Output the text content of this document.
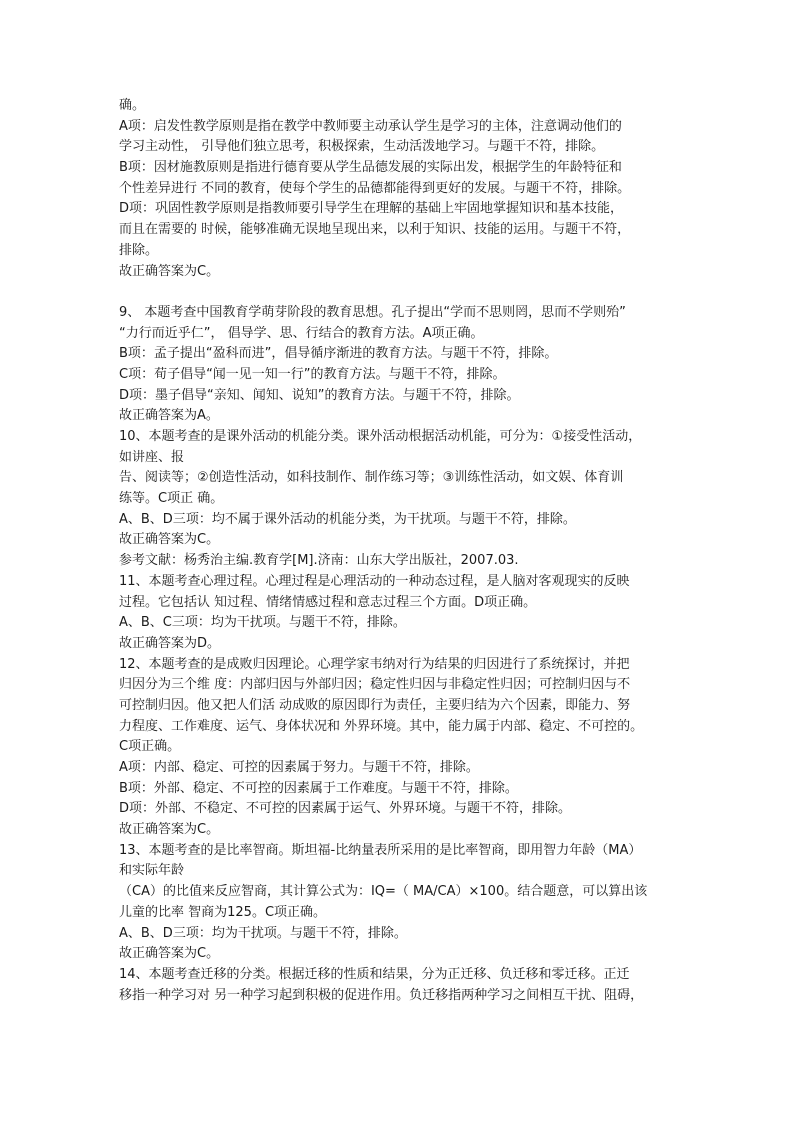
确。
A项：启发性教学原则是指在教学中教师要主动承认学生是学习的主体，注意调动他们的
学习主动性， 引导他们独立思考，积极探索，生动活泼地学习。与题干不符，排除。
B项：因材施教原则是指进行德育要从学生品德发展的实际出发，根据学生的年龄特征和
个性差异进行 不同的教育，使每个学生的品德都能得到更好的发展。与题干不符，排除。
D项：巩固性教学原则是指教师要引导学生在理解的基础上牢固地掌握知识和基本技能，
而且在需要的 时候，能够准确无误地呈现出来，以利于知识、技能的运用。与题干不符，
排除。
故正确答案为C。
9、 本题考查中国教育学萌芽阶段的教育思想。孔子提出“学而不思则罔，思而不学则殆”
“力行而近乎仁”， 倡导学、思、行结合的教育方法。A项正确。
B项：孟子提出“盈科而进”，倡导循序渐进的教育方法。与题干不符，排除。
C项：荀子倡导“闻一见一知一行”的教育方法。与题干不符，排除。
D项：墨子倡导“亲知、闻知、说知”的教育方法。与题干不符，排除。
故正确答案为A。
10、本题考查的是课外活动的机能分类。课外活动根据活动机能，可分为：①接受性活动，
如讲座、报
告、阅读等；②创造性活动，如科技制作、制作练习等；③训练性活动，如文娱、体育训
练等。C项正 确。
A、B、D三项：均不属于课外活动的机能分类，为干扰项。与题干不符，排除。
故正确答案为C。
参考文献：杨秀治主编.教育学[M].济南：山东大学出版社，2007.03.
11、本题考查心理过程。心理过程是心理活动的一种动态过程，是人脑对客观现实的反映
过程。它包括认 知过程、情绪情感过程和意志过程三个方面。D项正确。
A、B、C三项：均为干扰项。与题干不符，排除。
故正确答案为D。
12、本题考查的是成败归因理论。心理学家韦纳对行为结果的归因进行了系统探讨，并把
归因分为三个维 度：内部归因与外部归因；稳定性归因与非稳定性归因；可控制归因与不
可控制归因。他又把人们活 动成败的原因即行为责任，主要归结为六个因素，即能力、努
力程度、工作难度、运气、身体状况和 外界环境。其中，能力属于内部、稳定、不可控的。
C项正确。
A项：内部、稳定、可控的因素属于努力。与题干不符，排除。
B项：外部、稳定、不可控的因素属于工作难度。与题干不符，排除。
D项：外部、不稳定、不可控的因素属于运气、外界环境。与题干不符，排除。
故正确答案为C。
13、本题考查的是比率智商。斯坦福-比纳量表所采用的是比率智商，即用智力年龄（MA）
和实际年龄
（CA）的比值来反应智商，其计算公式为：IQ=（ MA/CA）×100。结合题意，可以算出该
儿童的比率 智商为125。C项正确。
A、B、D三项：均为干扰项。与题干不符，排除。
故正确答案为C。
14、本题考查迁移的分类。根据迁移的性质和结果，分为正迁移、负迁移和零迁移。正迁
移指一种学习对 另一种学习起到积极的促进作用。负迁移指两种学习之间相互干扰、阻碍，
